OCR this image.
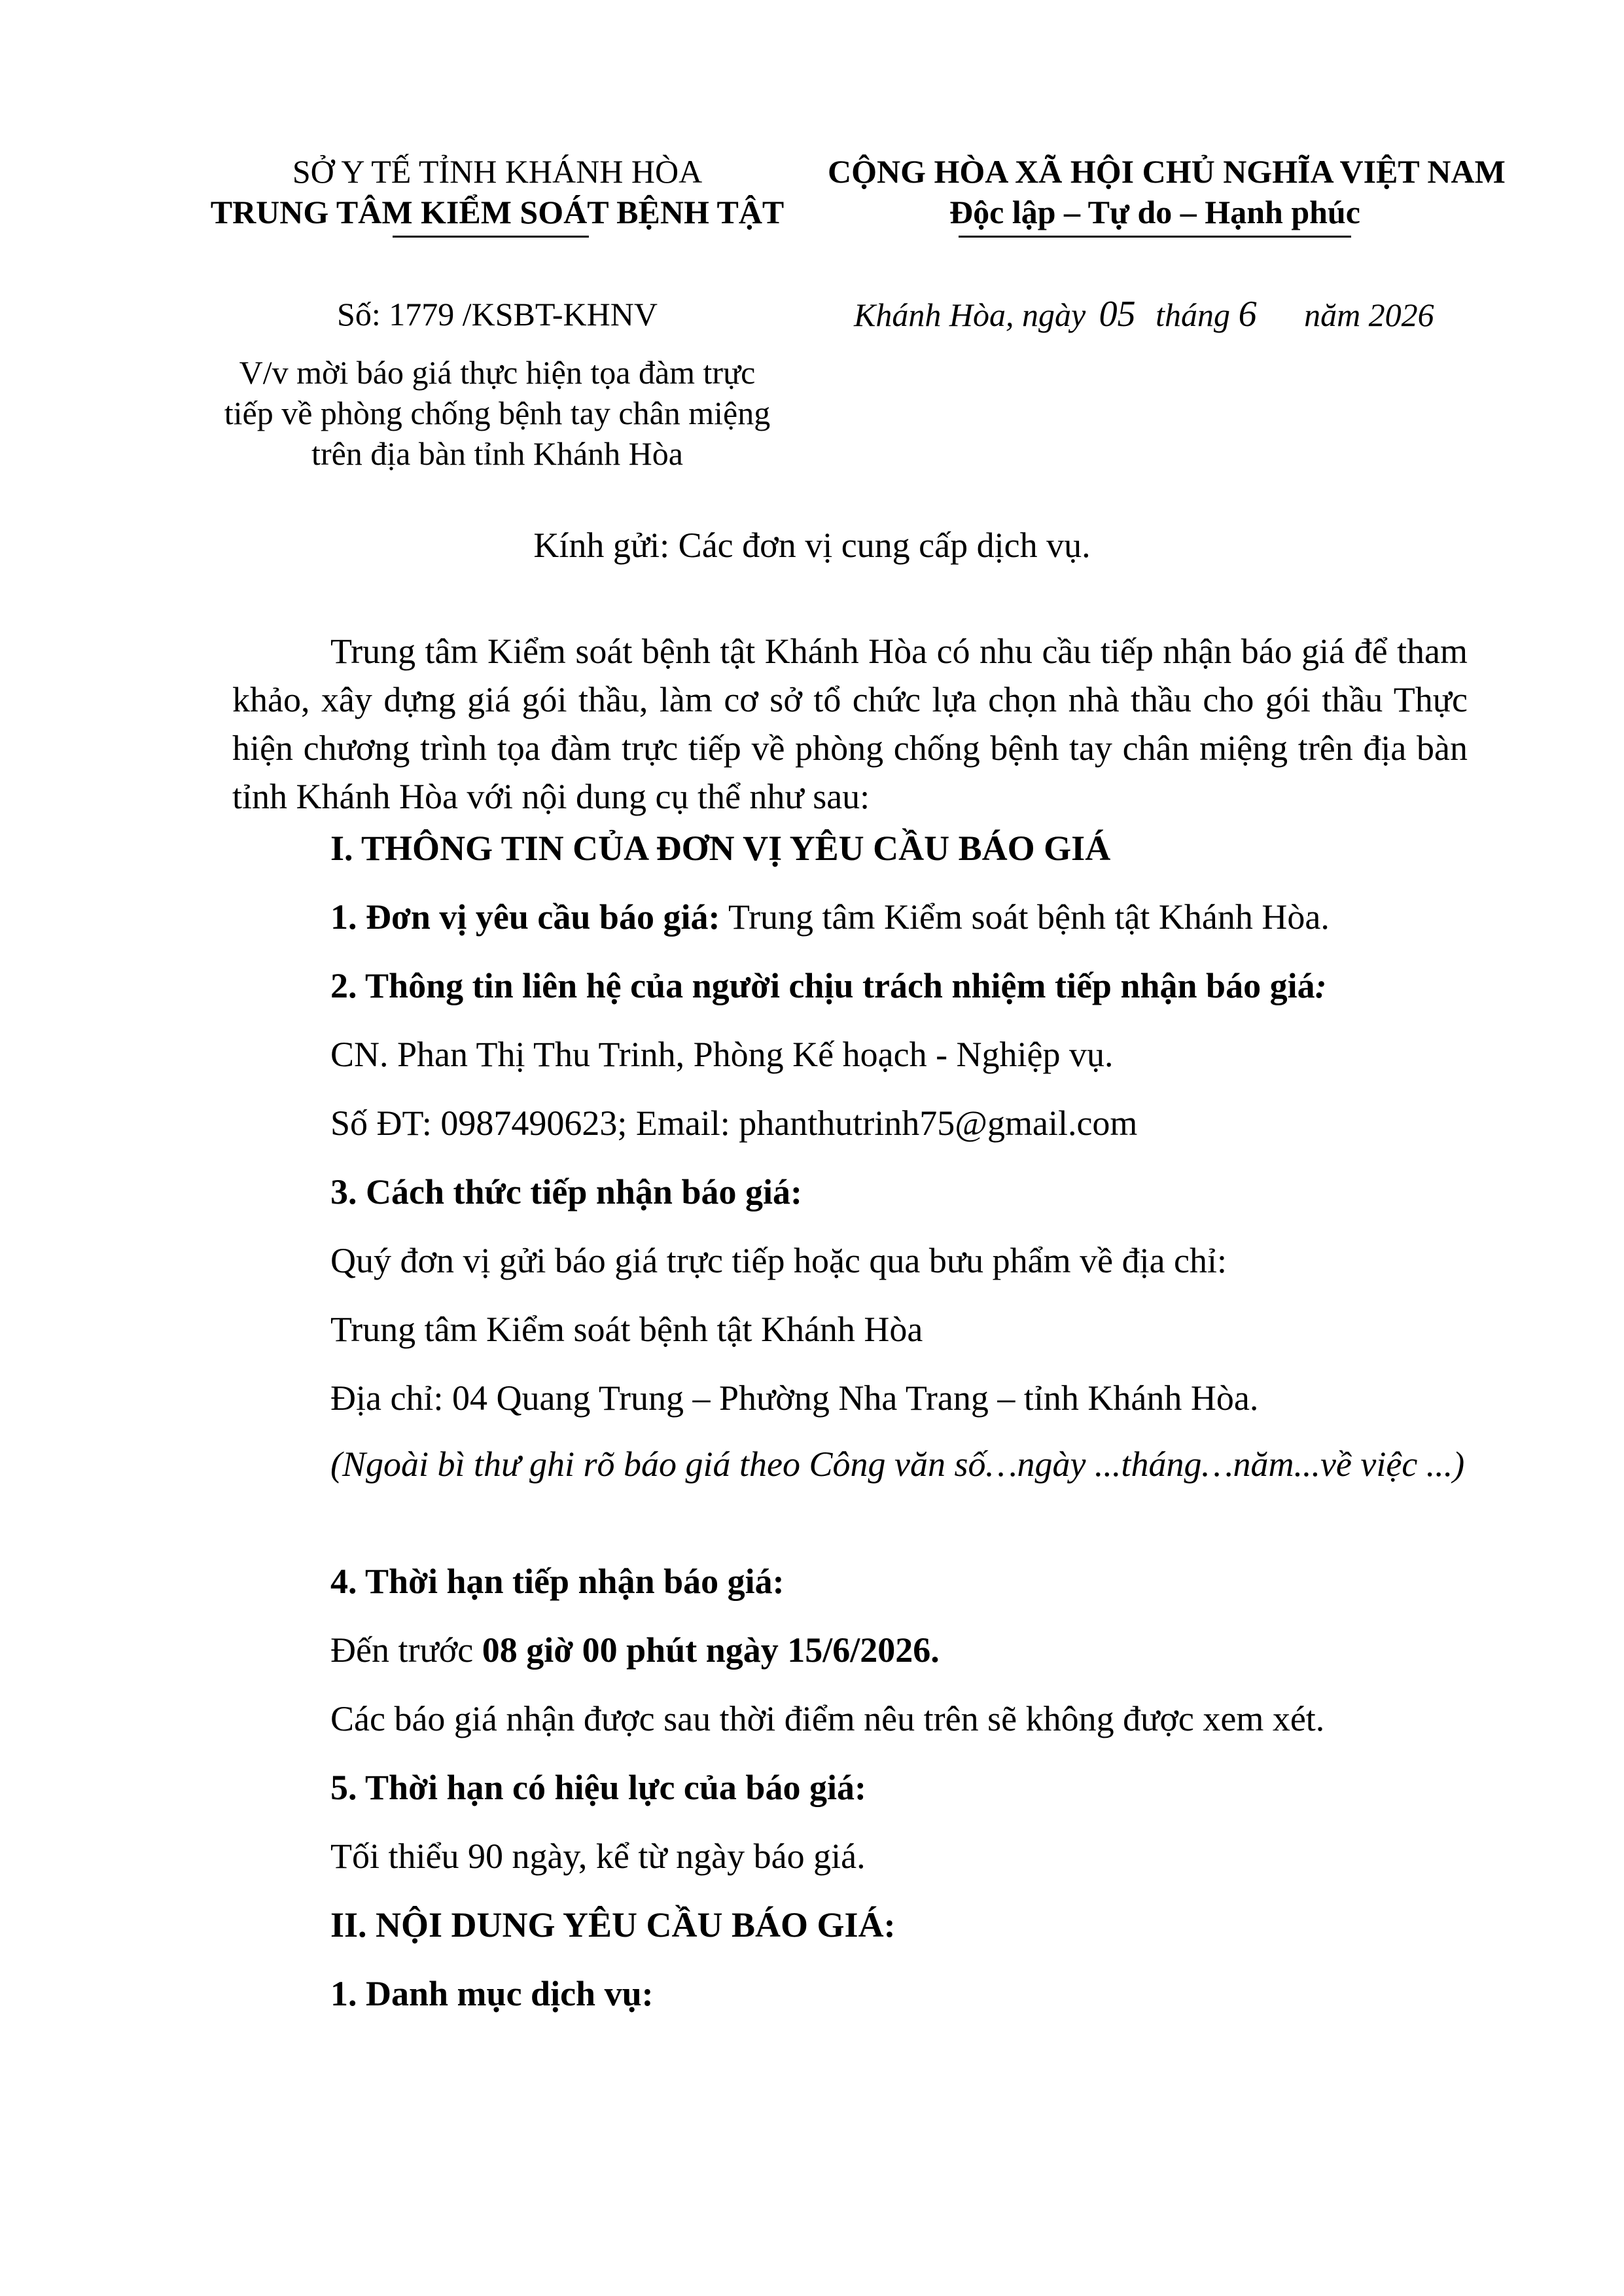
SỞ Y TẾ TỈNH KHÁNH HÒA
TRUNG TÂM KIỂM SOÁT BỆNH TẬT
CỘNG HÒA XÃ HỘI CHỦ NGHĨA VIỆT NAM
Độc lập – Tự do – Hạnh phúc
Số: 1779 /KSBT-KHNV	Khánh Hòa, ngày 05 tháng 6 năm 2026
V/v mời báo giá thực hiện tọa đàm trực
tiếp về phòng chống bệnh tay chân miệng
trên địa bàn tỉnh Khánh Hòa
Kính gửi: Các đơn vị cung cấp dịch vụ.
Trung tâm Kiểm soát bệnh tật Khánh Hòa có nhu cầu tiếp nhận báo giá để tham khảo, xây dựng giá gói thầu, làm cơ sở tổ chức lựa chọn nhà thầu cho gói thầu Thực hiện chương trình tọa đàm trực tiếp về phòng chống bệnh tay chân miệng trên địa bàn tỉnh Khánh Hòa với nội dung cụ thể như sau:
I. THÔNG TIN CỦA ĐƠN VỊ YÊU CẦU BÁO GIÁ
1. Đơn vị yêu cầu báo giá: Trung tâm Kiểm soát bệnh tật Khánh Hòa.
2. Thông tin liên hệ của người chịu trách nhiệm tiếp nhận báo giá:
CN. Phan Thị Thu Trinh, Phòng Kế hoạch - Nghiệp vụ.
Số ĐT: 0987490623; Email: phanthutrinh75@gmail.com
3. Cách thức tiếp nhận báo giá:
Quý đơn vị gửi báo giá trực tiếp hoặc qua bưu phẩm về địa chỉ:
Trung tâm Kiểm soát bệnh tật Khánh Hòa
Địa chỉ: 04 Quang Trung – Phường Nha Trang – tỉnh Khánh Hòa.
(Ngoài bì thư ghi rõ báo giá theo Công văn số…ngày ...tháng…năm...về việc ...)
4. Thời hạn tiếp nhận báo giá:
Đến trước 08 giờ 00 phút ngày 15/6/2026.
Các báo giá nhận được sau thời điểm nêu trên sẽ không được xem xét.
5. Thời hạn có hiệu lực của báo giá:
Tối thiểu 90 ngày, kể từ ngày báo giá.
II. NỘI DUNG YÊU CẦU BÁO GIÁ:
1. Danh mục dịch vụ:
